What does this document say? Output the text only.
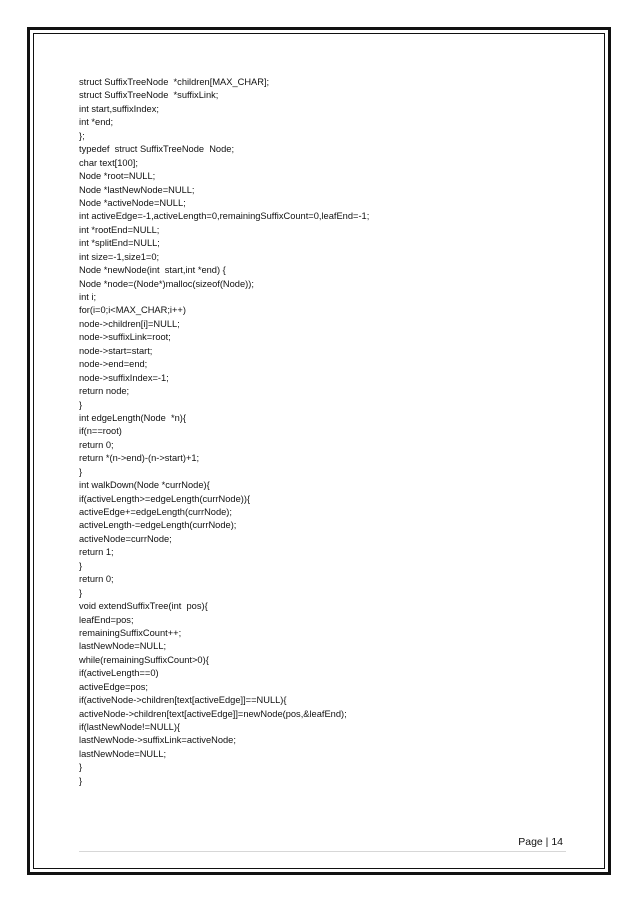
struct SuffixTreeNode  *children[MAX_CHAR];
struct SuffixTreeNode  *suffixLink;
int start,suffixIndex;
int *end;
};
typedef  struct SuffixTreeNode  Node;
char text[100];
Node *root=NULL;
Node *lastNewNode=NULL;
Node *activeNode=NULL;
int activeEdge=-1,activeLength=0,remainingSuffixCount=0,leafEnd=-1;
int *rootEnd=NULL;
int *splitEnd=NULL;
int size=-1,size1=0;
Node *newNode(int  start,int *end) {
Node *node=(Node*)malloc(sizeof(Node));
int i;
for(i=0;i<MAX_CHAR;i++)
node->children[i]=NULL;
node->suffixLink=root;
node->start=start;
node->end=end;
node->suffixIndex=-1;
return node;
}
int edgeLength(Node  *n){
if(n==root)
return 0;
return *(n->end)-(n->start)+1;
}
int walkDown(Node *currNode){
if(activeLength>=edgeLength(currNode)){
activeEdge+=edgeLength(currNode);
activeLength-=edgeLength(currNode);
activeNode=currNode;
return 1;
}
return 0;
}
void extendSuffixTree(int  pos){
leafEnd=pos;
remainingSuffixCount++;
lastNewNode=NULL;
while(remainingSuffixCount>0){
if(activeLength==0)
activeEdge=pos;
if(activeNode->children[text[activeEdge]]==NULL){
activeNode->children[text[activeEdge]]=newNode(pos,&leafEnd);
if(lastNewNode!=NULL){
lastNewNode->suffixLink=activeNode;
lastNewNode=NULL;
}
}
Page | 14
